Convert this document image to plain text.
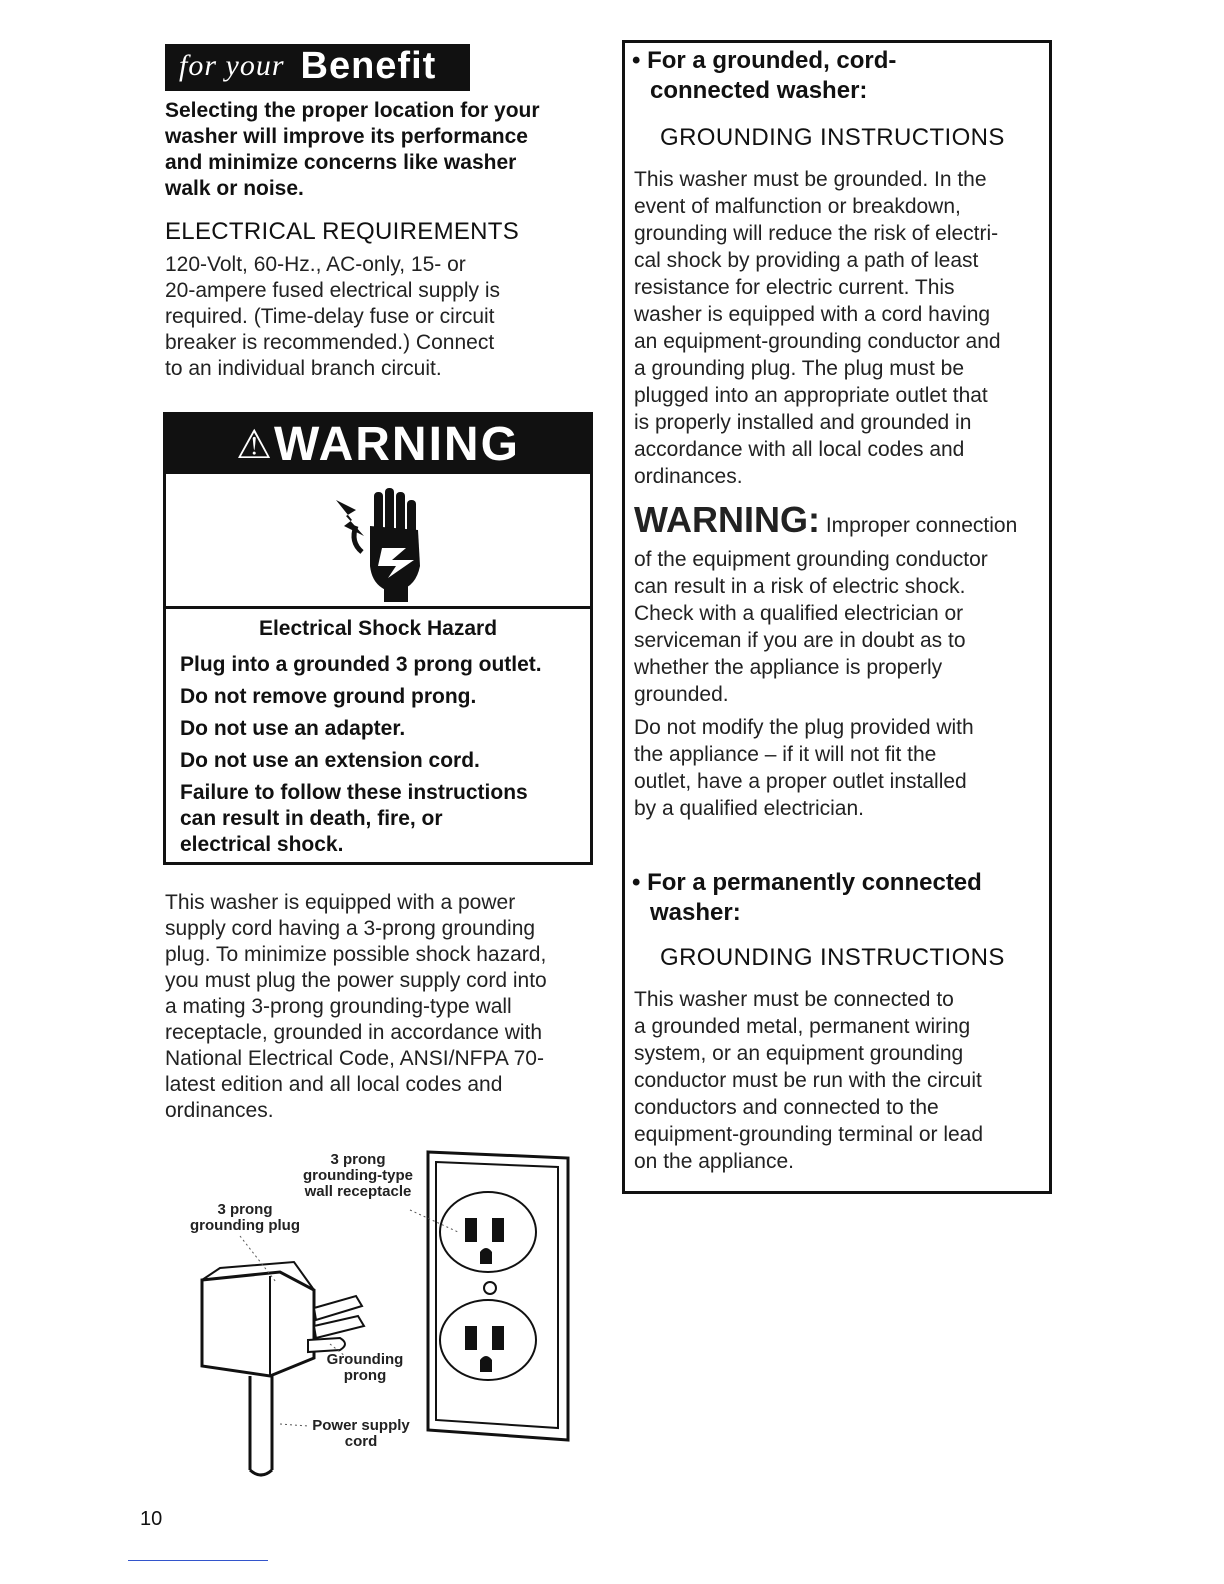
for your Benefit
Selecting the proper location for your
washer will improve its performance
and minimize concerns like washer
walk or noise.
ELECTRICAL REQUIREMENTS
120-Volt, 60-Hz., AC-only, 15- or
20-ampere fused electrical supply is
required. (Time-delay fuse or circuit
breaker is recommended.) Connect
to an individual branch circuit.
⚠ WARNING
Electrical Shock Hazard
Plug into a grounded 3 prong outlet.
Do not remove ground prong.
Do not use an adapter.
Do not use an extension cord.
Failure to follow these instructions
can result in death, fire, or
electrical shock.
This washer is equipped with a power
supply cord having a 3-prong grounding
plug. To minimize possible shock hazard,
you must plug the power supply cord into
a mating 3-prong grounding-type wall
receptacle, grounded in accordance with
National Electrical Code, ANSI/NFPA 70-
latest edition and all local codes and
ordinances.
3 prong
grounding-type
wall receptacle
3 prong
grounding plug
Grounding
prong
Power supply
cord
10
• For a grounded, cord-
connected washer:
GROUNDING INSTRUCTIONS
This washer must be grounded. In the
event of malfunction or breakdown,
grounding will reduce the risk of electri-
cal shock by providing a path of least
resistance for electric current. This
washer is equipped with a cord having
an equipment-grounding conductor and
a grounding plug. The plug must be
plugged into an appropriate outlet that
is properly installed and grounded in
accordance with all local codes and
ordinances.
WARNING: Improper connection
of the equipment grounding conductor
can result in a risk of electric shock.
Check with a qualified electrician or
serviceman if you are in doubt as to
whether the appliance is properly
grounded.
Do not modify the plug provided with
the appliance – if it will not fit the
outlet, have a proper outlet installed
by a qualified electrician.
• For a permanently connected
washer:
GROUNDING INSTRUCTIONS
This washer must be connected to
a grounded metal, permanent wiring
system, or an equipment grounding
conductor must be run with the circuit
conductors and connected to the
equipment-grounding terminal or lead
on the appliance.
